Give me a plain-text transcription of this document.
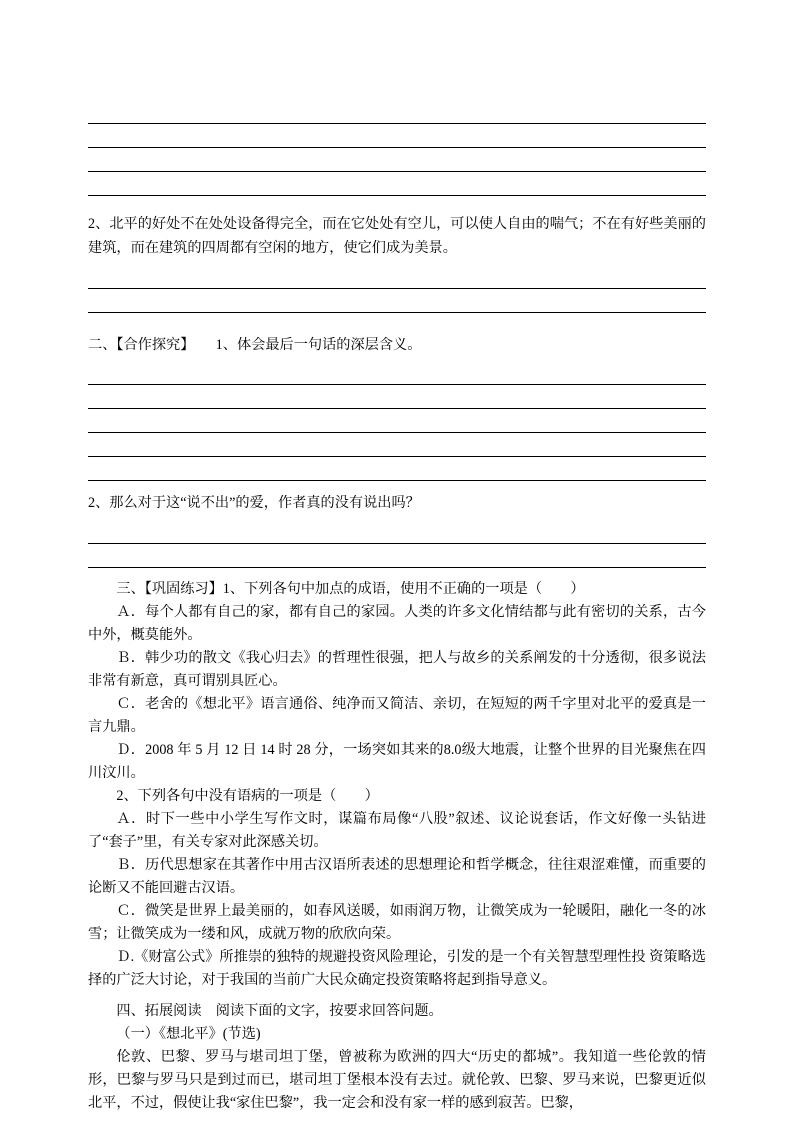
2、北平的好处不在处处设备得完全，而在它处处有空儿，可以使人自由的喘气；不在有好些美丽的建筑，而在建筑的四周都有空闲的地方，使它们成为美景。

二、【合作探究】　　1、体会最后一句话的深层含义。

2、那么对于这“说不出”的爱，作者真的没有说出吗？

三、【巩固练习】1、下列各句中加点的成语，使用不正确的一项是（　　）

Ａ．每个人都有自己的家，都有自己的家园。人类的许多文化情结都与此有密切的关系，古今中外，概莫能外。

Ｂ．韩少功的散文《我心归去》的哲理性很强，把人与故乡的关系阐发的十分透彻，很多说法非常有新意，真可谓别具匠心。

Ｃ．老舍的《想北平》语言通俗、纯净而又简洁、亲切，在短短的两千字里对北平的爱真是一言九鼎。

Ｄ．2008 年 5 月 12 日 14 时 28 分，一场突如其来的8.0级大地震，让整个世界的目光聚焦在四川汶川。

2、下列各句中没有语病的一项是（　　）

Ａ．时下一些中小学生写作文时，谋篇布局像“八股”叙述、议论说套话，作文好像一头钻进了“套子”里，有关专家对此深感关切。

Ｂ．历代思想家在其著作中用古汉语所表述的思想理论和哲学概念，往往艰涩难懂，而重要的论断又不能回避古汉语。

Ｃ．微笑是世界上最美丽的，如春风送暖，如雨润万物，让微笑成为一轮暖阳，融化一冬的冰雪；让微笑成为一缕和风，成就万物的欣欣向荣。

Ｄ.《财富公式》所推崇的独特的规避投资风险理论，引发的是一个有关智慧型理性投 资策略选择的广泛大讨论，对于我国的当前广大民众确定投资策略将起到指导意义。

四、拓展阅读　阅读下面的文字，按要求回答问题。

（一）《想北平》(节选)

伦敦、巴黎、罗马与堪司坦丁堡，曾被称为欧洲的四大“历史的都城”。我知道一些伦敦的情形，巴黎与罗马只是到过而已，堪司坦丁堡根本没有去过。就伦敦、巴黎、罗马来说，巴黎更近似北平，不过，假使让我“家住巴黎”，我一定会和没有家一样的感到寂苦。巴黎，
